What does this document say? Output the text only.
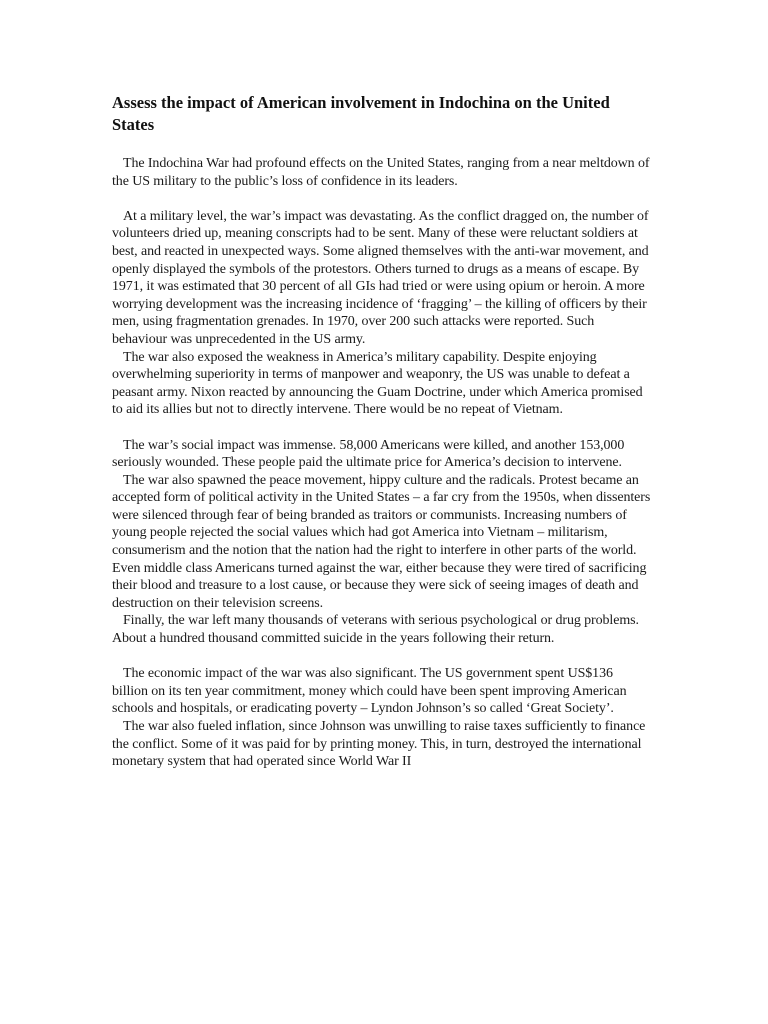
Assess the impact of American involvement in Indochina on the United States

The Indochina War had profound effects on the United States, ranging from a near meltdown of the US military to the public’s loss of confidence in its leaders.

At a military level, the war’s impact was devastating. As the conflict dragged on, the number of volunteers dried up, meaning conscripts had to be sent. Many of these were reluctant soldiers at best, and reacted in unexpected ways. Some aligned themselves with the anti-war movement, and openly displayed the symbols of the protestors. Others turned to drugs as a means of escape. By 1971, it was estimated that 30 percent of all GIs had tried or were using opium or heroin. A more worrying development was the increasing incidence of ‘fragging’ – the killing of officers by their men, using fragmentation grenades. In 1970, over 200 such attacks were reported. Such behaviour was unprecedented in the US army.

The war also exposed the weakness in America’s military capability. Despite enjoying overwhelming superiority in terms of manpower and weaponry, the US was unable to defeat a peasant army. Nixon reacted by announcing the Guam Doctrine, under which America promised to aid its allies but not to directly intervene. There would be no repeat of Vietnam.

The war’s social impact was immense. 58,000 Americans were killed, and another 153,000 seriously wounded. These people paid the ultimate price for America’s decision to intervene.

The war also spawned the peace movement, hippy culture and the radicals. Protest became an accepted form of political activity in the United States – a far cry from the 1950s, when dissenters were silenced through fear of being branded as traitors or communists. Increasing numbers of young people rejected the social values which had got America into Vietnam – militarism, consumerism and the notion that the nation had the right to interfere in other parts of the world. Even middle class Americans turned against the war, either because they were tired of sacrificing their blood and treasure to a lost cause, or because they were sick of seeing images of death and destruction on their television screens.

Finally, the war left many thousands of veterans with serious psychological or drug problems. About a hundred thousand committed suicide in the years following their return.

The economic impact of the war was also significant. The US government spent US$136 billion on its ten year commitment, money which could have been spent improving American schools and hospitals, or eradicating poverty – Lyndon Johnson’s so called ‘Great Society’.

The war also fueled inflation, since Johnson was unwilling to raise taxes sufficiently to finance the conflict. Some of it was paid for by printing money. This, in turn, destroyed the international monetary system that had operated since World War II
